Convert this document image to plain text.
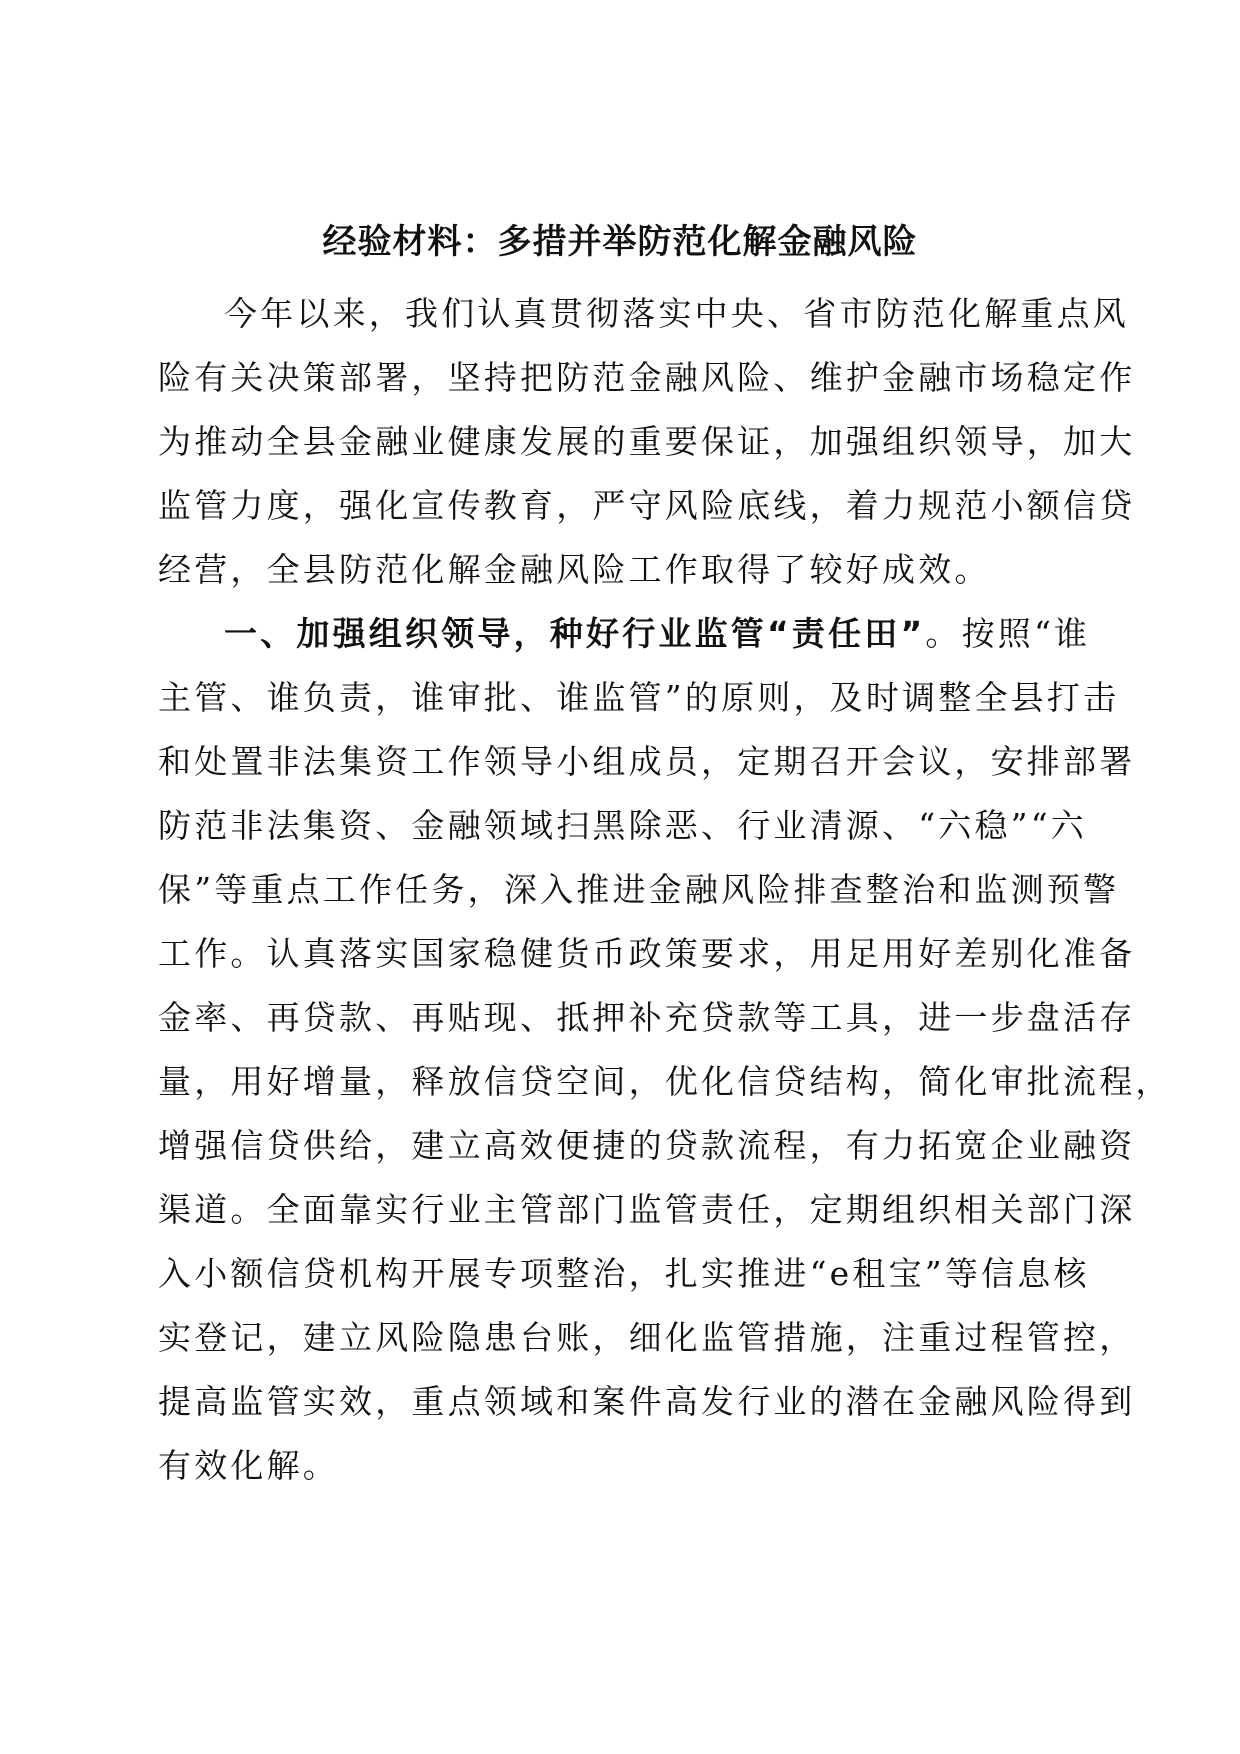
经验材料：多措并举防范化解金融风险
今年以来，我们认真贯彻落实中央、省市防范化解重点风
险有关决策部署，坚持把防范金融风险、维护金融市场稳定作
为推动全县金融业健康发展的重要保证，加强组织领导，加大
监管力度，强化宣传教育，严守风险底线，着力规范小额信贷
经营，全县防范化解金融风险工作取得了较好成效。
一、加强组织领导，种好行业监管“责任田”。按照“谁
主管、谁负责，谁审批、谁监管”的原则，及时调整全县打击
和处置非法集资工作领导小组成员，定期召开会议，安排部署
防范非法集资、金融领域扫黑除恶、行业清源、“六稳”“六
保”等重点工作任务，深入推进金融风险排查整治和监测预警
工作。认真落实国家稳健货币政策要求，用足用好差别化准备
金率、再贷款、再贴现、抵押补充贷款等工具，进一步盘活存
量，用好增量，释放信贷空间，优化信贷结构，简化审批流程，
增强信贷供给，建立高效便捷的贷款流程，有力拓宽企业融资
渠道。全面靠实行业主管部门监管责任，定期组织相关部门深
入小额信贷机构开展专项整治，扎实推进“e租宝”等信息核
实登记，建立风险隐患台账，细化监管措施，注重过程管控，
提高监管实效，重点领域和案件高发行业的潜在金融风险得到
有效化解。
